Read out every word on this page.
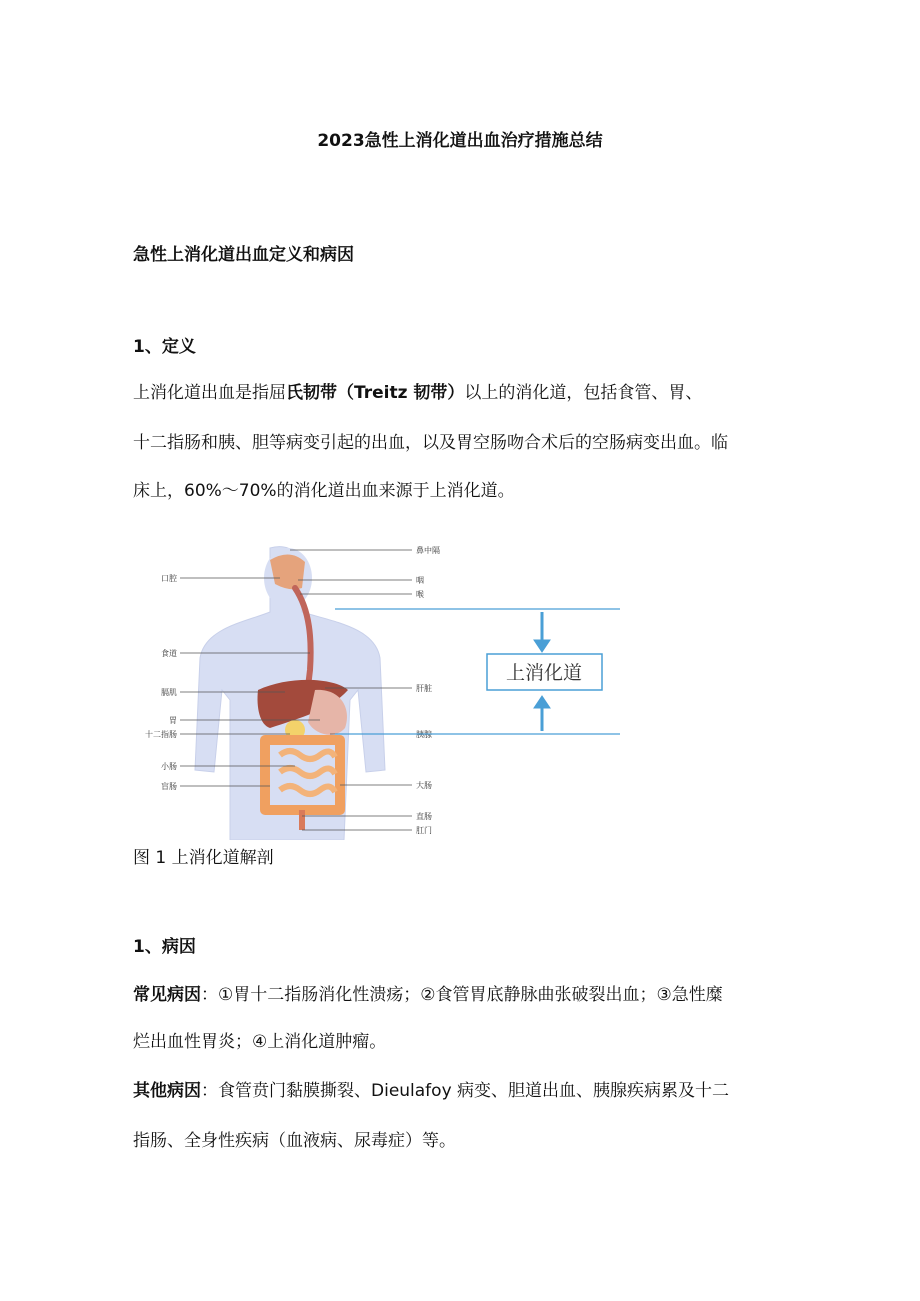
2023急性上消化道出血治疗措施总结
急性上消化道出血定义和病因
1、定义
上消化道出血是指屈氏韧带（Treitz 韧带）以上的消化道，包括食管、胃、
十二指肠和胰、胆等病变引起的出血，以及胃空肠吻合术后的空肠病变出血。临
床上，60%～70%的消化道出血来源于上消化道。
口腔
食道
膈肌
胃
十二指肠
小肠
盲肠
鼻中隔
咽
喉
肝脏
胰腺
大肠
直肠
肛门
上消化道
图 1 上消化道解剖
1、病因
常见病因：①胃十二指肠消化性溃疡；②食管胃底静脉曲张破裂出血；③急性糜
烂出血性胃炎；④上消化道肿瘤。
其他病因：食管贲门黏膜撕裂、Dieulafoy 病变、胆道出血、胰腺疾病累及十二
指肠、全身性疾病（血液病、尿毒症）等。
